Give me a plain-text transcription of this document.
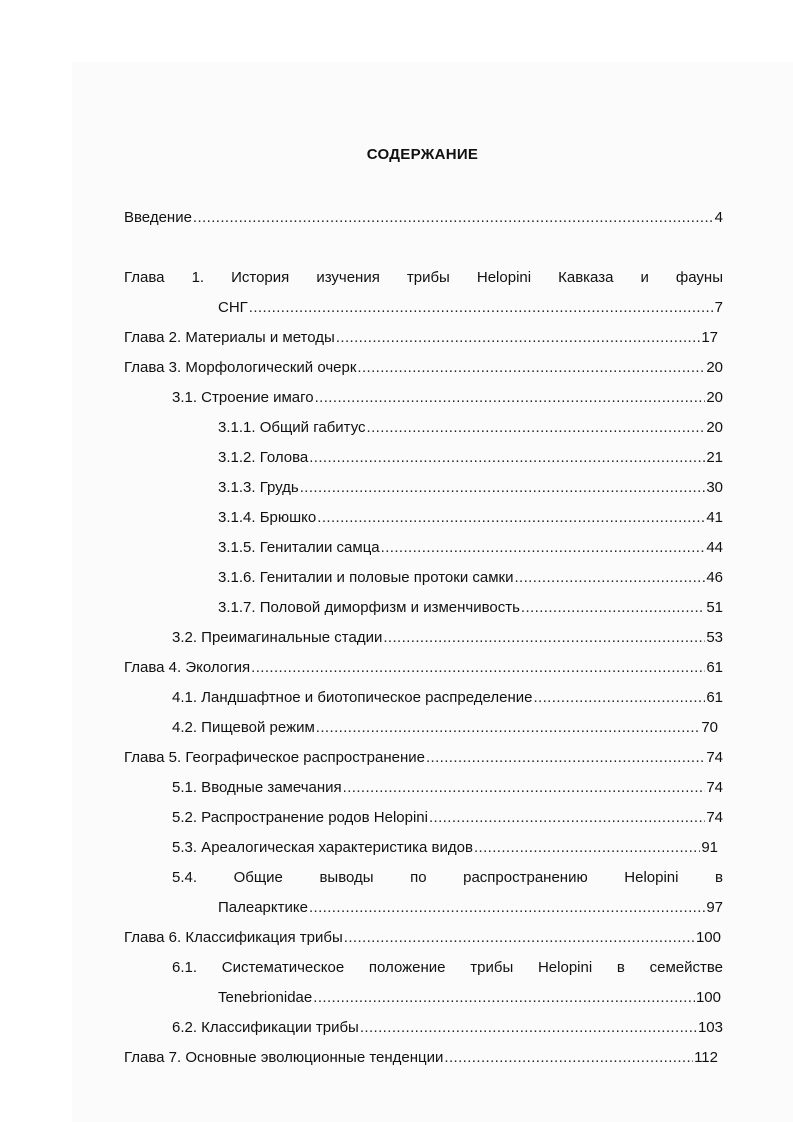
СОДЕРЖАНИЕ
Введение .....	4
Глава 1. История изучения трибы Helopini Кавказа и фауны
СНГ .....	7
Глава 2. Материалы и методы .....	17
Глава 3. Морфологический очерк .....	20
3.1. Строение имаго .....	20
3.1.1. Общий габитус .....	20
3.1.2. Голова .....	21
3.1.3. Грудь .....	30
3.1.4. Брюшко .....	41
3.1.5. Гениталии самца .....	44
3.1.6. Гениталии и половые протоки самки .....	46
3.1.7. Половой диморфизм и изменчивость .....	51
3.2. Преимагинальные стадии .....	53
Глава 4. Экология .....	61
4.1. Ландшафтное и биотопическое распределение .....	61
4.2. Пищевой режим .....	70
Глава 5. Географическое распространение .....	74
5.1. Вводные замечания .....	74
5.2. Распространение родов Helopini .....	74
5.3. Ареалогическая характеристика видов .....	91
5.4. Общие выводы по распространению Helopini в
Палеарктике .....	97
Глава 6. Классификация трибы .....	100
6.1. Систематическое положение трибы Helopini в семействе
Tenebrionidae .....	100
6.2. Классификации трибы .....	103
Глава 7. Основные эволюционные тенденции .....	112
